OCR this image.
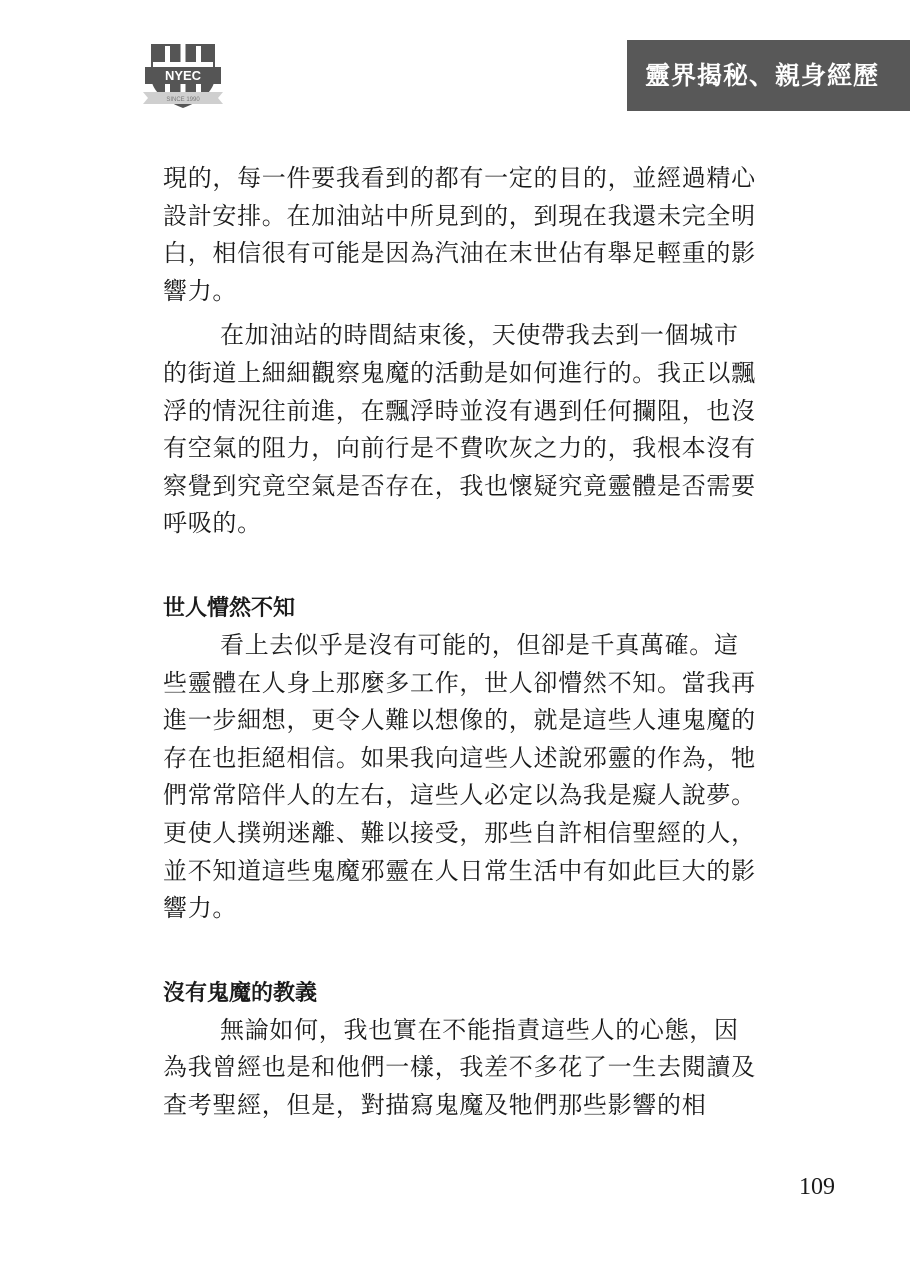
NYEC
SINCE 1990
靈界揭秘、親身經歷

現的，每一件要我看到的都有一定的目的，並經過精心設計安排。在加油站中所見到的，到現在我還未完全明白，相信很有可能是因為汽油在末世佔有舉足輕重的影響力。

在加油站的時間結束後，天使帶我去到一個城市的街道上細細觀察鬼魔的活動是如何進行的。我正以飄浮的情況往前進，在飄浮時並沒有遇到任何攔阻，也沒有空氣的阻力，向前行是不費吹灰之力的，我根本沒有察覺到究竟空氣是否存在，我也懷疑究竟靈體是否需要呼吸的。

世人懵然不知

看上去似乎是沒有可能的，但卻是千真萬確。這些靈體在人身上那麼多工作，世人卻懵然不知。當我再進一步細想，更令人難以想像的，就是這些人連鬼魔的存在也拒絕相信。如果我向這些人述說邪靈的作為，牠們常常陪伴人的左右，這些人必定以為我是癡人說夢。更使人撲朔迷離、難以接受，那些自許相信聖經的人，並不知道這些鬼魔邪靈在人日常生活中有如此巨大的影響力。

沒有鬼魔的教義

無論如何，我也實在不能指責這些人的心態，因為我曾經也是和他們一樣，我差不多花了一生去閱讀及查考聖經，但是，對描寫鬼魔及牠們那些影響的相

109
